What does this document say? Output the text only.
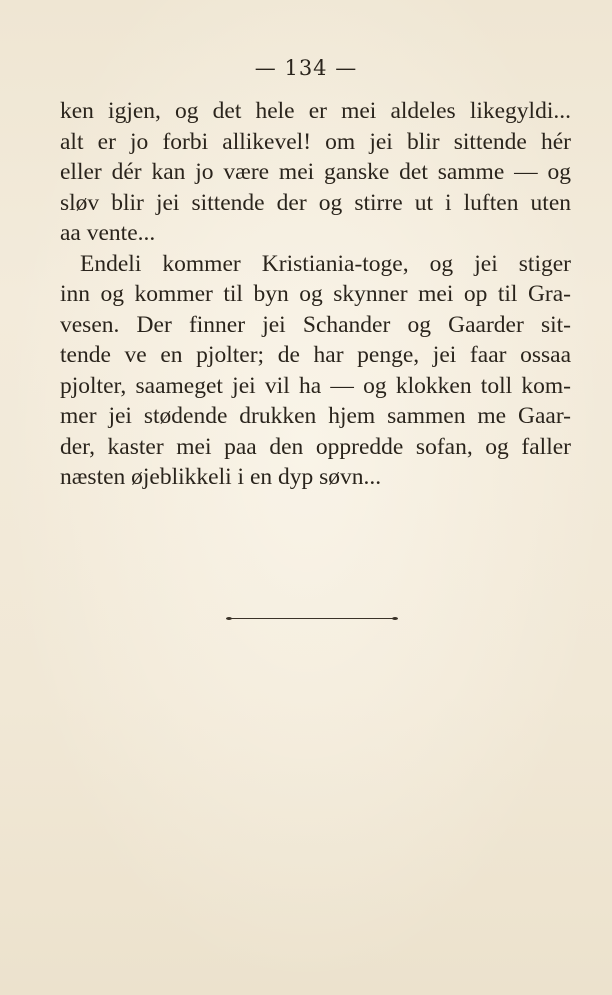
— 134 —
ken igjen, og det hele er mei aldeles likegyldi...
alt er jo forbi allikevel! om jei blir sittende hér
eller dér kan jo være mei ganske det samme — og
sløv blir jei sittende der og stirre ut i luften uten
aa vente...
Endeli kommer Kristiania-toge, og jei stiger
inn og kommer til byn og skynner mei op til Gra-
vesen. Der finner jei Schander og Gaarder sit-
tende ve en pjolter; de har penge, jei faar ossaa
pjolter, saameget jei vil ha — og klokken toll kom-
mer jei stødende drukken hjem sammen me Gaar-
der, kaster mei paa den oppredde sofan, og faller
næsten øjeblikkeli i en dyp søvn...
